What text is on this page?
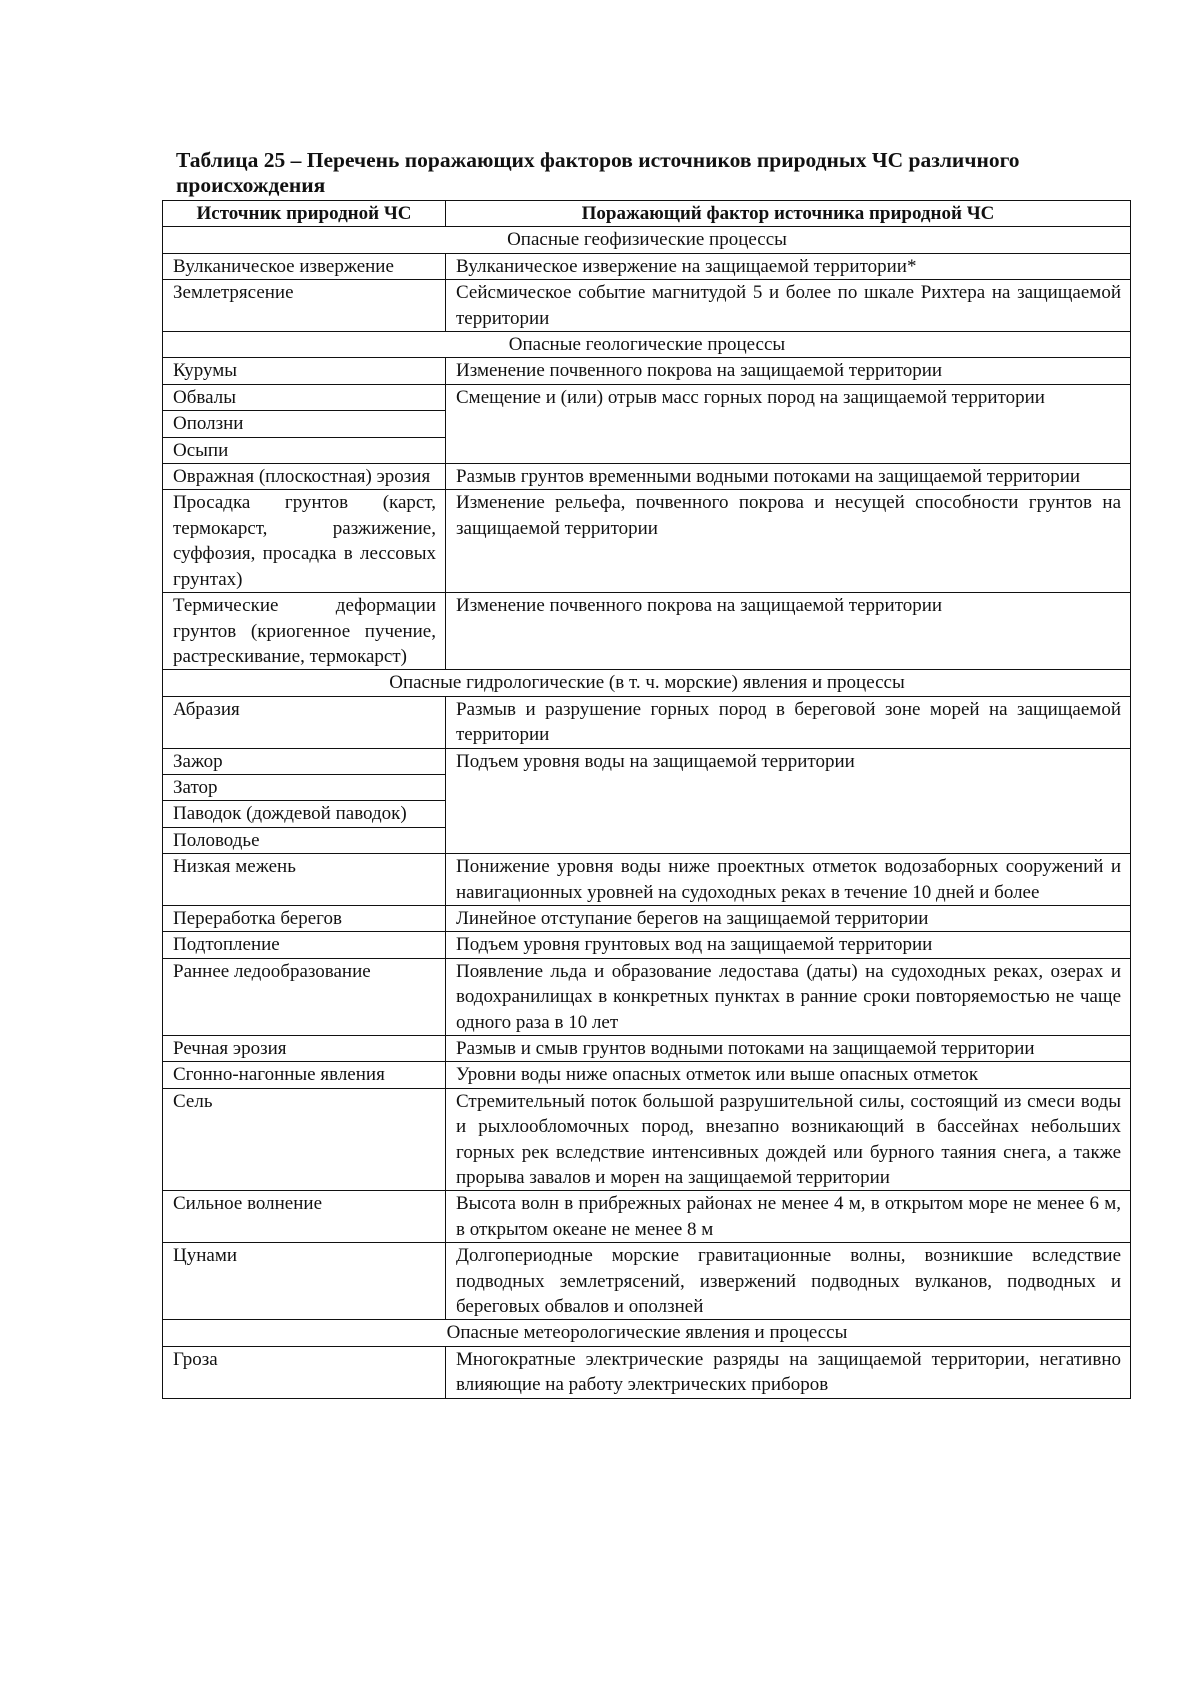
Таблица 25 – Перечень поражающих факторов источников природных ЧС различного происхождения
Источник природной ЧС	Поражающий фактор источника природной ЧС
Опасные геофизические процессы	
Вулканическое извержение	Вулканическое извержение на защищаемой территории*
Землетрясение	Сейсмическое событие магнитудой 5 и более по шкале Рихтера на защищаемой территории
Опасные геологические процессы	
Курумы	Изменение почвенного покрова на защищаемой территории
Обвалы	Смещение и (или) отрыв масс горных пород на защищаемой территории
Оползни	
Осыпи	
Овражная (плоскостная) эрозия	Размыв грунтов временными водными потоками на защищаемой территории
Просадка грунтов (карст, термокарст, разжижение, суффозия, просадка в лессовых грунтах)	Изменение рельефа, почвенного покрова и несущей способности грунтов на защищаемой территории
Термические деформации грунтов (криогенное пучение, растрескивание, термокарст)	Изменение почвенного покрова на защищаемой территории
Опасные гидрологические (в т. ч. морские) явления и процессы	
Абразия	Размыв и разрушение горных пород в береговой зоне морей на защищаемой территории
Зажор	Подъем уровня воды на защищаемой территории
Затор	
Паводок (дождевой паводок)	
Половодье	
Низкая межень	Понижение уровня воды ниже проектных отметок водозаборных сооружений и навигационных уровней на судоходных реках в течение 10 дней и более
Переработка берегов	Линейное отступание берегов на защищаемой территории
Подтопление	Подъем уровня грунтовых вод на защищаемой территории
Раннее ледообразование	Появление льда и образование ледостава (даты) на судоходных реках, озерах и водохранилищах в конкретных пунктах в ранние сроки повторяемостью не чаще одного раза в 10 лет
Речная эрозия	Размыв и смыв грунтов водными потоками на защищаемой территории
Сгонно-нагонные явления	Уровни воды ниже опасных отметок или выше опасных отметок
Сель	Стремительный поток большой разрушительной силы, состоящий из смеси воды и рыхлообломочных пород, внезапно возникающий в бассейнах небольших горных рек вследствие интенсивных дождей или бурного таяния снега, а также прорыва завалов и морен на защищаемой территории
Сильное волнение	Высота волн в прибрежных районах не менее 4 м, в открытом море не менее 6 м, в открытом океане не менее 8 м
Цунами	Долгопериодные морские гравитационные волны, возникшие вследствие подводных землетрясений, извержений подводных вулканов, подводных и береговых обвалов и оползней
Опасные метеорологические явления и процессы	
Гроза	Многократные электрические разряды на защищаемой территории, негативно влияющие на работу электрических приборов
